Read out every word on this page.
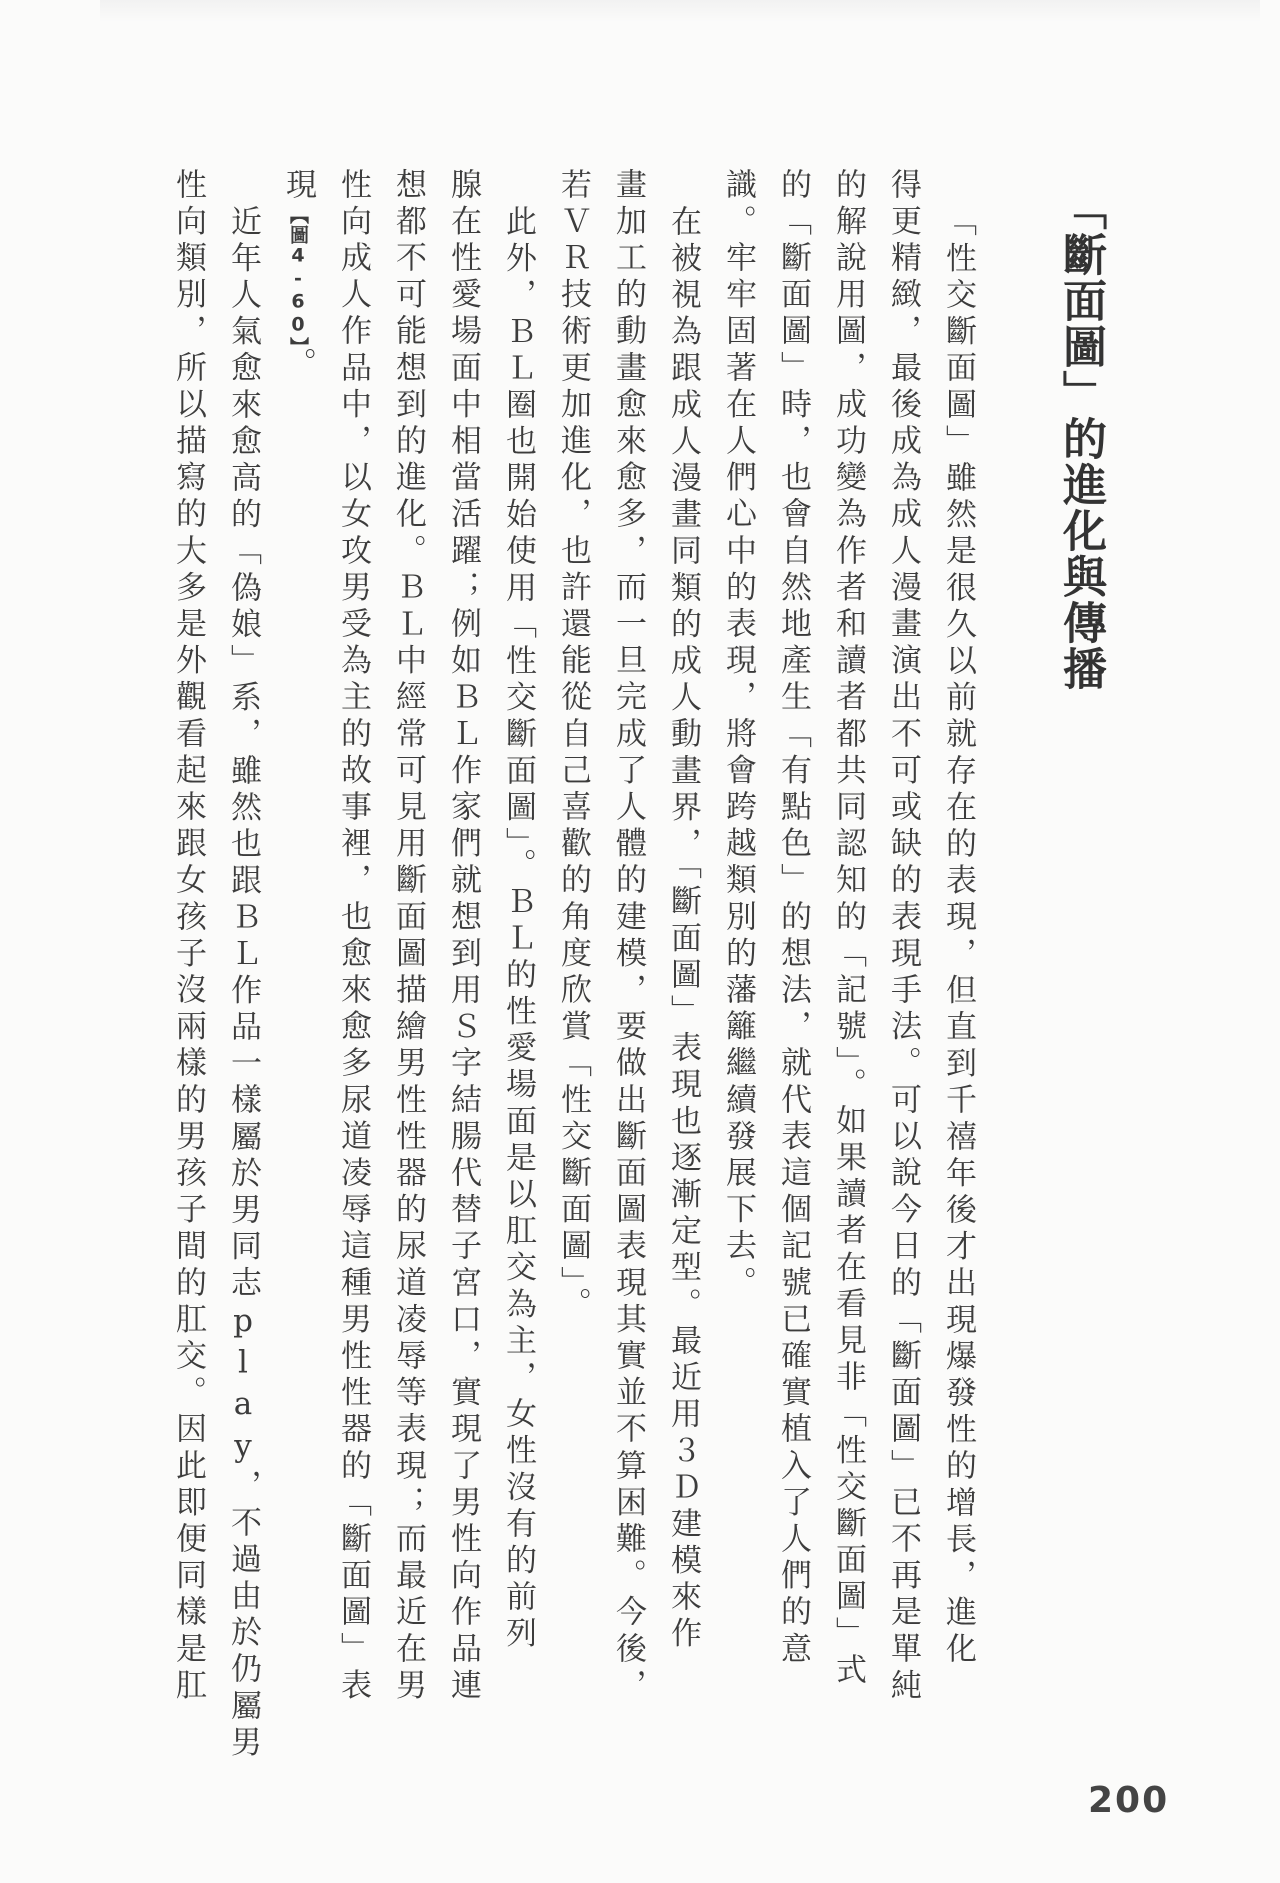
「斷面圖」的進化與傳播
「性交斷面圖」雖然是很久以前就存在的表現，但直到千禧年後才出現爆發性的增長，進化
得更精緻，最後成為成人漫畫演出不可或缺的表現手法。可以說今日的「斷面圖」已不再是單純
的解說用圖，成功變為作者和讀者都共同認知的「記號」。如果讀者在看見非「性交斷面圖」式
的「斷面圖」時，也會自然地產生「有點色」的想法，就代表這個記號已確實植入了人們的意
識。牢牢固著在人們心中的表現，將會跨越類別的藩籬繼續發展下去。
在被視為跟成人漫畫同類的成人動畫界，「斷面圖」表現也逐漸定型。最近用３Ｄ建模來作
畫加工的動畫愈來愈多，而一旦完成了人體的建模，要做出斷面圖表現其實並不算困難。今後，
若ＶＲ技術更加進化，也許還能從自己喜歡的角度欣賞「性交斷面圖」。
此外，ＢＬ圈也開始使用「性交斷面圖」。ＢＬ的性愛場面是以肛交為主，女性沒有的前列
腺在性愛場面中相當活躍；例如ＢＬ作家們就想到用Ｓ字結腸代替子宮口，實現了男性向作品連
想都不可能想到的進化。ＢＬ中經常可見用斷面圖描繪男性性器的尿道凌辱等表現；而最近在男
性向成人作品中，以女攻男受為主的故事裡，也愈來愈多尿道凌辱這種男性性器的「斷面圖」表
現【圖4-60】。
近年人氣愈來愈高的「偽娘」系，雖然也跟ＢＬ作品一樣屬於男同志play，不過由於仍屬男
性向類別，所以描寫的大多是外觀看起來跟女孩子沒兩樣的男孩子間的肛交。因此即便同樣是肛
200
